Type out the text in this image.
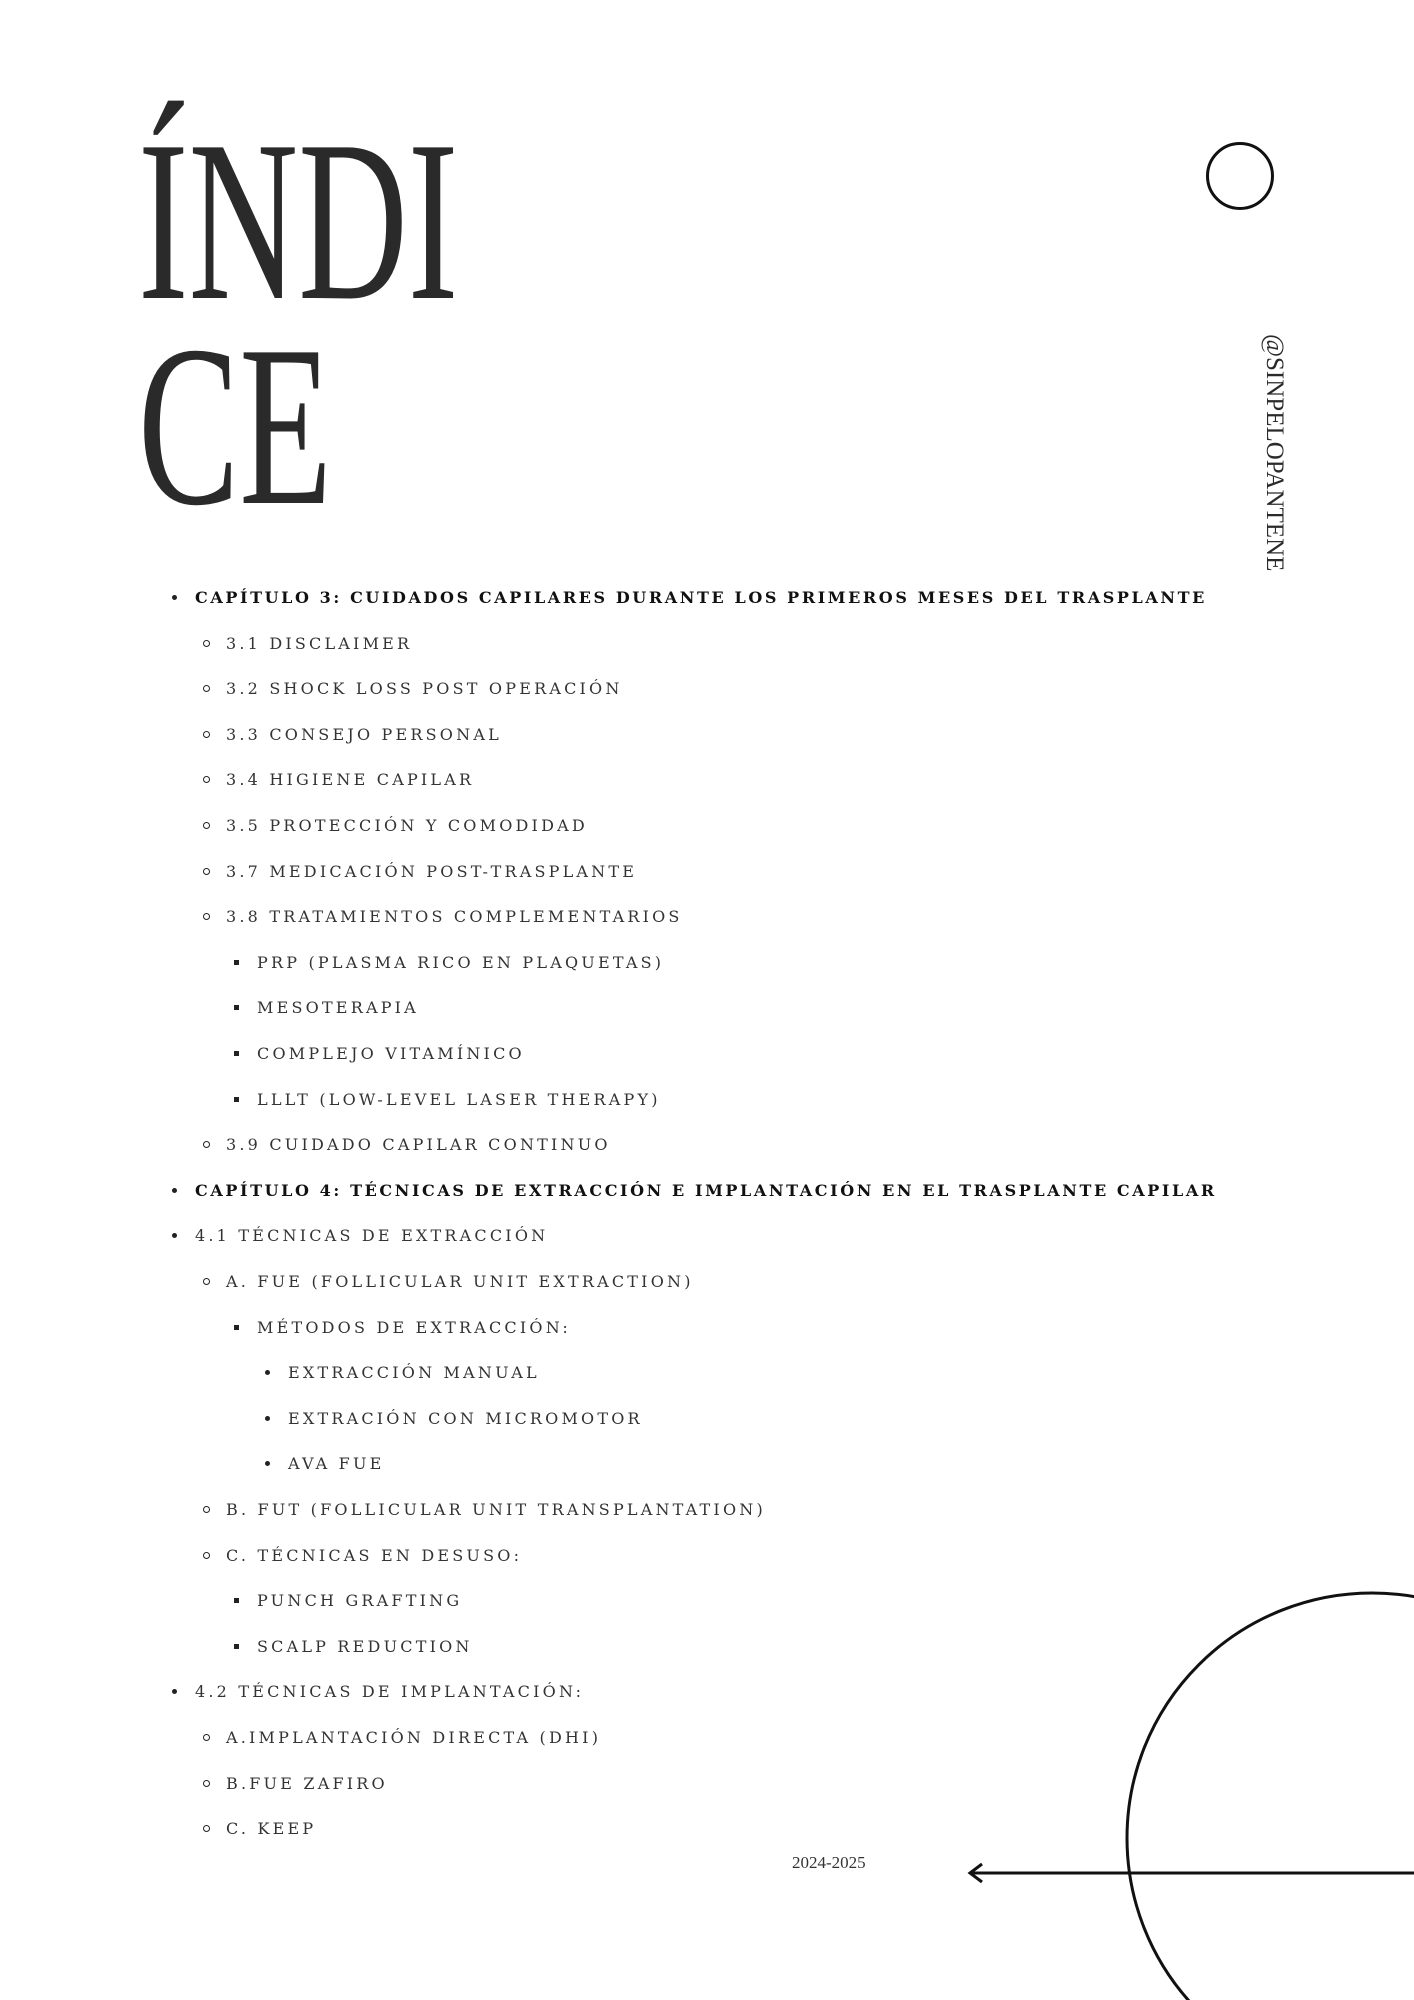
ÍNDI
CE	@SINPELOPANTENE
CAPÍTULO 3: CUIDADOS CAPILARES DURANTE LOS PRIMEROS MESES DEL TRASPLANTE
3.1 DISCLAIMER
3.2 SHOCK LOSS POST OPERACIÓN
3.3 CONSEJO PERSONAL
3.4 HIGIENE CAPILAR
3.5 PROTECCIÓN Y COMODIDAD
3.7 MEDICACIÓN POST-TRASPLANTE
3.8 TRATAMIENTOS COMPLEMENTARIOS
PRP (PLASMA RICO EN PLAQUETAS)
MESOTERAPIA
COMPLEJO VITAMÍNICO
LLLT (LOW-LEVEL LASER THERAPY)
3.9 CUIDADO CAPILAR CONTINUO
CAPÍTULO 4: TÉCNICAS DE EXTRACCIÓN E IMPLANTACIÓN EN EL TRASPLANTE CAPILAR
4.1 TÉCNICAS DE EXTRACCIÓN
A. FUE (FOLLICULAR UNIT EXTRACTION)
MÉTODOS DE EXTRACCIÓN:
EXTRACCIÓN MANUAL
EXTRACIÓN CON MICROMOTOR
AVA FUE
B. FUT (FOLLICULAR UNIT TRANSPLANTATION)
C. TÉCNICAS EN DESUSO:
PUNCH GRAFTING
SCALP REDUCTION
4.2 TÉCNICAS DE IMPLANTACIÓN:
A.IMPLANTACIÓN DIRECTA (DHI)
B.FUE ZAFIRO
C. KEEP
2024-2025
